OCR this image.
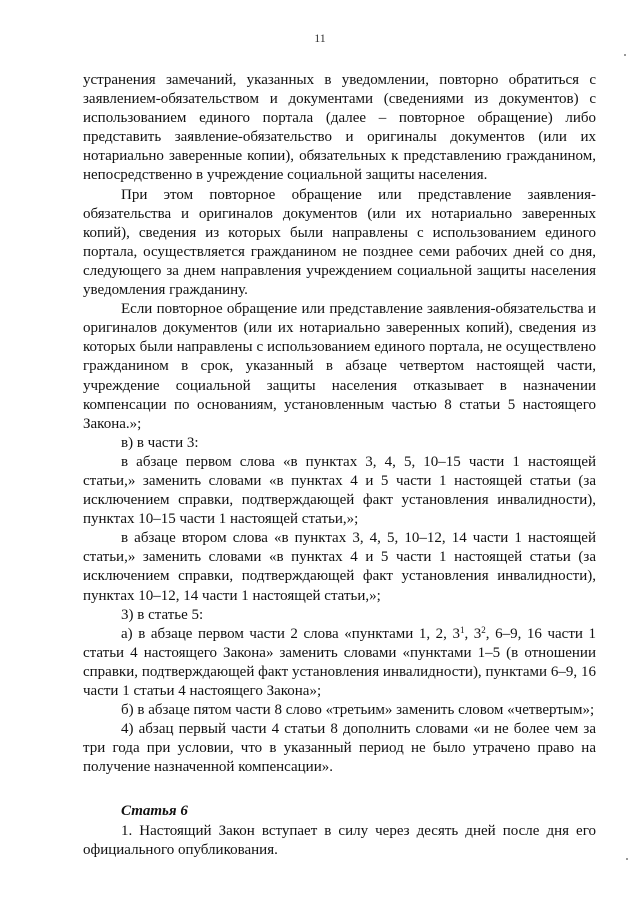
11

устранения замечаний, указанных в уведомлении, повторно обратиться с заявлением-обязательством и документами (сведениями из документов) с использованием единого портала (далее – повторное обращение) либо представить заявление-обязательство и оригиналы документов (или их нотариально заверенные копии), обязательных к представлению гражданином, непосредственно в учреждение социальной защиты населения.

При этом повторное обращение или представление заявления-обязательства и оригиналов документов (или их нотариально заверенных копий), сведения из которых были направлены с использованием единого портала, осуществляется гражданином не позднее семи рабочих дней со дня, следующего за днем направления учреждением социальной защиты населения уведомления гражданину.

Если повторное обращение или представление заявления-обязательства и оригиналов документов (или их нотариально заверенных копий), сведения из которых были направлены с использованием единого портала, не осуществлено гражданином в срок, указанный в абзаце четвертом настоящей части, учреждение социальной защиты населения отказывает в назначении компенсации по основаниям, установленным частью 8 статьи 5 настоящего Закона.»;

в) в части 3:

в абзаце первом слова «в пунктах 3, 4, 5, 10–15 части 1 настоящей статьи,» заменить словами «в пунктах 4 и 5 части 1 настоящей статьи (за исключением справки, подтверждающей факт установления инвалидности), пунктах 10–15 части 1 настоящей статьи,»;

в абзаце втором слова «в пунктах 3, 4, 5, 10–12, 14 части 1 настоящей статьи,» заменить словами «в пунктах 4 и 5 части 1 настоящей статьи (за исключением справки, подтверждающей факт установления инвалидности), пунктах 10–12, 14 части 1 настоящей статьи,»;

3) в статье 5:

а) в абзаце первом части 2 слова «пунктами 1, 2, $3^1$, $3^2$, 6–9, 16 части 1 статьи 4 настоящего Закона» заменить словами «пунктами 1–5 (в отношении справки, подтверждающей факт установления инвалидности), пунктами 6–9, 16 части 1 статьи 4 настоящего Закона»;

б) в абзаце пятом части 8 слово «третьим» заменить словом «четвертым»;

4) абзац первый части 4 статьи 8 дополнить словами «и не более чем за три года при условии, что в указанный период не было утрачено право на получение назначенной компенсации».

Статья 6

1. Настоящий Закон вступает в силу через десять дней после дня его официального опубликования.
